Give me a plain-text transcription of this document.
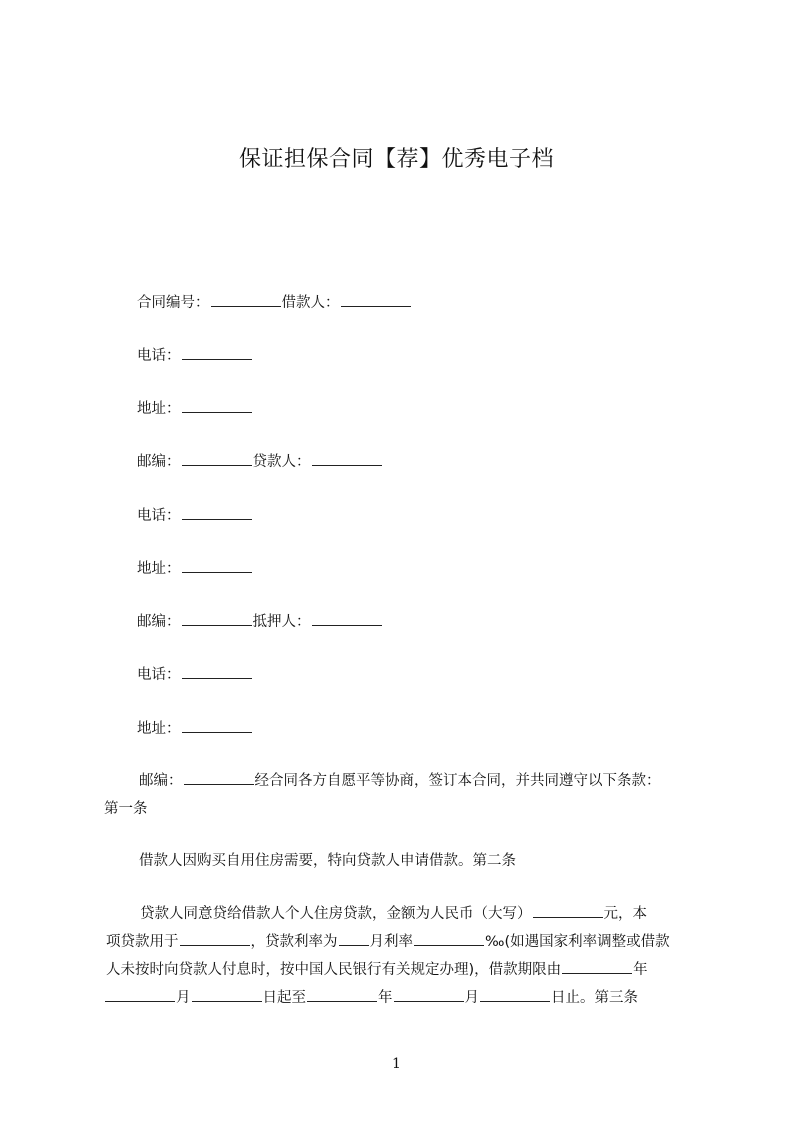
保证担保合同【荐】优秀电子档
合同编号：	借款人：
电话：
地址：
邮编：	贷款人：
电话：
地址：
邮编：	抵押人：
电话：
地址：
邮编：	经合同各方自愿平等协商，签订本合同，并共同遵守以下条款：
第一条
借款人因购买自用住房需要，特向贷款人申请借款。第二条
贷款人同意贷给借款人个人住房贷款，金额为人民币（大写）	元，本
项贷款用于	，贷款利率为 月利率	‰(如遇国家利率调整或借款
人未按时向贷款人付息时，按中国人民银行有关规定办理)，借款期限由	年
月	日起至	年	月	日止。第三条
1
